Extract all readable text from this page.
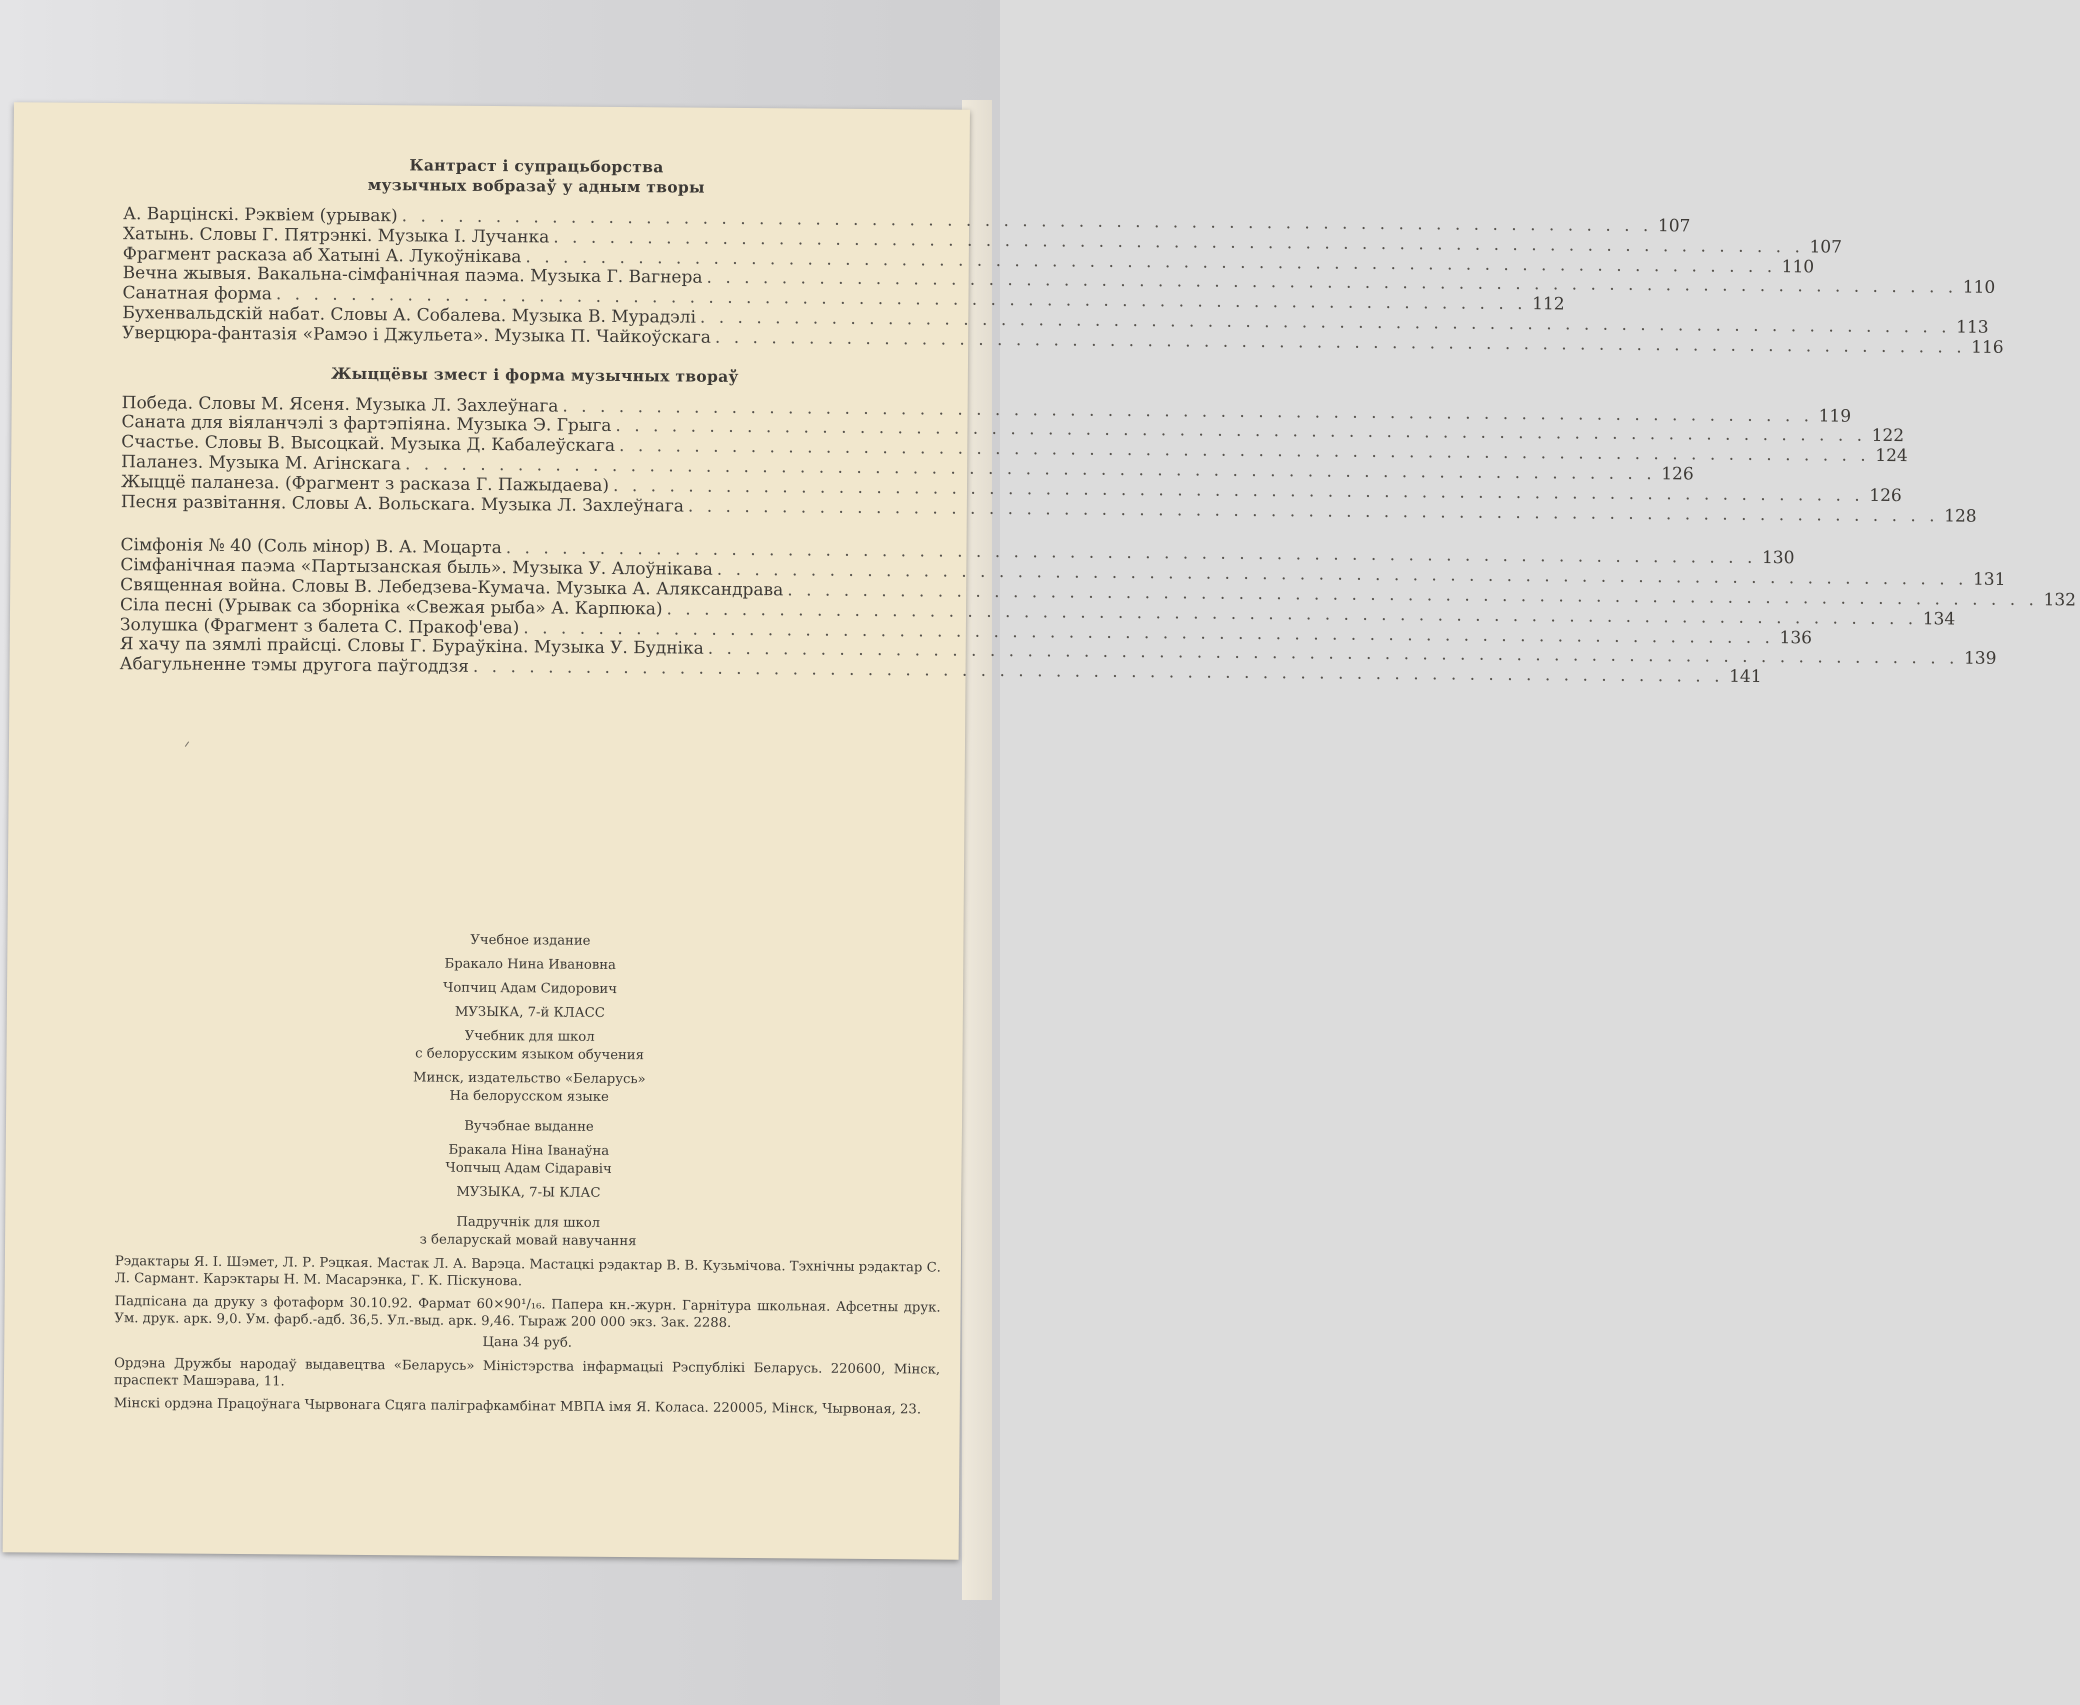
Кантраст і супрацьборства
музычных вобразаў у адным творы
А. Варцінскі. Рэквіем (урывак)
. . .
107
Хатынь. Словы Г. Пятрэнкі. Музыка І. Лучанка
. . .
107
Фрагмент расказа аб Хатыні А. Лукоўнікава
. . .
110
Вечна жывыя. Вакальна-сімфанічная паэма. Музыка Г. Вагнера
. . .
110
Санатная форма
. . .
112
Бухенвальдскій набат. Словы А. Собалева. Музыка В. Мурадэлі
. . .
113
Уверцюра-фантазія «Рамэо і Джульета». Музыка П. Чайкоўскага
. . .
116
Жыццёвы змест і форма музычных твораў
Победа. Словы М. Ясеня. Музыка Л. Захлеўнага
. . .
119
Саната для віяланчэлі з фартэпіяна. Музыка Э. Грыга
. . .
122
Счастье. Словы В. Высоцкай. Музыка Д. Кабалеўскага
. . .
124
Паланез. Музыка М. Агінскага
. . .
126
Жыццё паланеза. (Фрагмент з расказа Г. Пажыдаева)
. . .
126
Песня развітання. Словы А. Вольскага. Музыка Л. Захлеўнага
. . .
128
Сімфонія № 40 (Соль мінор) В. А. Моцарта
. . .
130
Сімфанічная паэма «Партызанская быль». Музыка У. Алоўнікава
. . .
131
Священная война. Словы В. Лебедзева-Кумача. Музыка А. Аляксандрава
. . .
132
Сіла песні (Урывак са зборніка «Свежая рыба» А. Карпюка)
. . .
134
Золушка (Фрагмент з балета С. Пракоф'ева)
. . .
136
Я хачу па зямлі прайсці. Словы Г. Бураўкіна. Музыка У. Будніка
. . .
139
Абагульненне тэмы другога паўгоддзя
. . .
141
Учебное издание
Бракало Нина Ивановна
Чопчиц Адам Сидорович
МУЗЫКА, 7-й КЛАСС
Учебник для школ
с белорусским языком обучения
Минск, издательство «Беларусь»
На белорусском языке
Вучэбнае выданне
Бракала Ніна Іванаўна
Чопчыц Адам Сідаравіч
МУЗЫКА, 7-Ы КЛАС
Падручнік для школ
з беларускай мовай навучання
Рэдактары Я. І. Шэмет, Л. Р. Рэцкая. Мастак Л. А. Варэца. Мастацкі рэдактар В. В. Кузьмічова. Тэхнічны рэдактар С. Л. Сармант. Карэктары Н. М. Масарэнка, Г. К. Піскунова.
Падпісана да друку з фотаформ 30.10.92. Фармат 60×90¹/₁₆. Папера кн.-журн. Гарнітура школьная. Афсетны друк. Ум. друк. арк. 9,0. Ум. фарб.-адб. 36,5. Ул.-выд. арк. 9,46. Тыраж 200 000 экз. Зак. 2288.
Цана 34 руб.
Ордэна Дружбы народаў выдавецтва «Беларусь» Міністэрства інфармацыі Рэспублікі Беларусь. 220600, Мінск, праспект Машэрава, 11.
Мінскі ордэна Працоўнага Чырвонага Сцяга паліграфкамбінат МВПА імя Я. Коласа. 220005, Мінск, Чырвоная, 23.
